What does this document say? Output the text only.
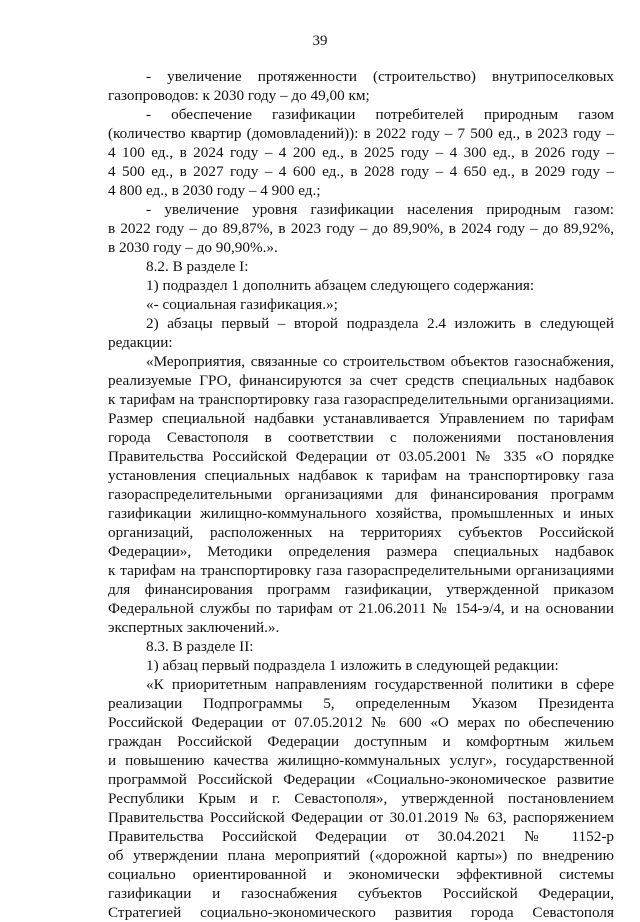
39
- увеличение протяженности (строительство) внутрипоселковых
газопроводов: к 2030 году – до 49,00 км;
- обеспечение газификации потребителей природным газом
(количество квартир (домовладений)): в 2022 году – 7 500 ед., в 2023 году –
4 100 ед., в 2024 году – 4 200 ед., в 2025 году – 4 300 ед., в 2026 году –
4 500 ед., в 2027 году – 4 600 ед., в 2028 году – 4 650 ед., в 2029 году –
4 800 ед., в 2030 году – 4 900 ед.;
- увеличение уровня газификации населения природным газом:
в 2022 году – до 89,87%, в 2023 году – до 89,90%, в 2024 году – до 89,92%,
в 2030 году – до 90,90%.».
8.2. В разделе I:
1) подраздел 1 дополнить абзацем следующего содержания:
«- социальная газификация.»;
2) абзацы первый – второй подраздела 2.4 изложить в следующей
редакции:
«Мероприятия, связанные со строительством объектов газоснабжения,
реализуемые ГРО, финансируются за счет средств специальных надбавок
к тарифам на транспортировку газа газораспределительными организациями.
Размер специальной надбавки устанавливается Управлением по тарифам
города Севастополя в соответствии с положениями постановления
Правительства Российской Федерации от 03.05.2001 № 335 «О порядке
установления специальных надбавок к тарифам на транспортировку газа
газораспределительными организациями для финансирования программ
газификации жилищно-коммунального хозяйства, промышленных и иных
организаций, расположенных на территориях субъектов Российской
Федерации», Методики определения размера специальных надбавок
к тарифам на транспортировку газа газораспределительными организациями
для финансирования программ газификации, утвержденной приказом
Федеральной службы по тарифам от 21.06.2011 № 154-э/4, и на основании
экспертных заключений.».
8.3. В разделе II:
1) абзац первый подраздела 1 изложить в следующей редакции:
«К приоритетным направлениям государственной политики в сфере
реализации Подпрограммы 5, определенным Указом Президента
Российской Федерации от 07.05.2012 № 600 «О мерах по обеспечению
граждан Российской Федерации доступным и комфортным жильем
и повышению качества жилищно-коммунальных услуг», государственной
программой Российской Федерации «Социально-экономическое развитие
Республики Крым и г. Севастополя», утвержденной постановлением
Правительства Российской Федерации от 30.01.2019 № 63, распоряжением
Правительства Российской Федерации от 30.04.2021 № 1152-р
об утверждении плана мероприятий («дорожной карты») по внедрению
социально ориентированной и экономически эффективной системы
газификации и газоснабжения субъектов Российской Федерации,
Стратегией социально-экономического развития города Севастополя
